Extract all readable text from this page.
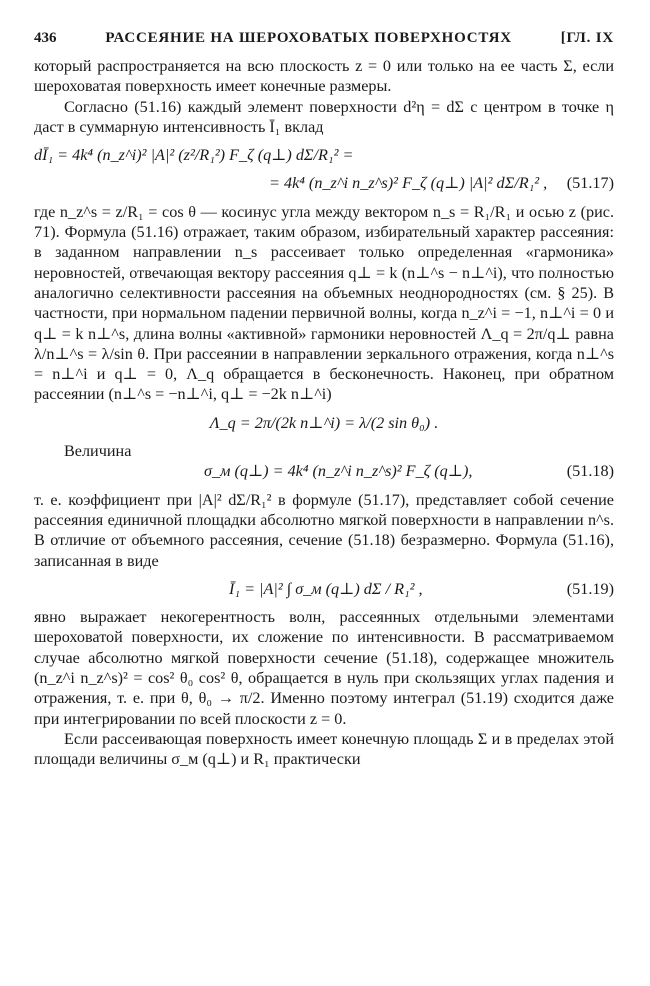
436	РАССЕЯНИЕ НА ШЕРОХОВАТЫХ ПОВЕРХНОСТЯХ	[ГЛ. IX

который распространяется на всю плоскость z = 0 или только на ее часть Σ, если шероховатая поверхность имеет конечные размеры.

Согласно (51.16) каждый элемент поверхности d²η = dΣ с центром в точке η даст в суммарную интенсивность Ī₁ вклад

dĪ₁ = 4k⁴ (n_z^i)² |A|² (z²/R₁²) F_ζ (q⊥) dΣ/R₁² =
= 4k⁴ (n_z^i n_z^s)² F_ζ (q⊥) |A|² dΣ/R₁² , (51.17)

где n_z^s = z/R₁ = cos θ — косинус угла между вектором n_s = R₁/R₁ и осью z (рис. 71). Формула (51.16) отражает, таким образом, избирательный характер рассеяния: в заданном направлении n_s рассеивает только определенная «гармоника» неровностей, отвечающая вектору рассеяния q⊥ = k (n⊥^s − n⊥^i), что полностью аналогично селективности рассеяния на объемных неоднородностях (см. § 25). В частности, при нормальном падении первичной волны, когда n_z^i = −1, n⊥^i = 0 и q⊥ = k n⊥^s, длина волны «активной» гармоники неровностей Λ_q = 2π/q⊥ равна λ/n⊥^s = λ/sin θ. При рассеянии в направлении зеркального отражения, когда n⊥^s = n⊥^i и q⊥ = 0, Λ_q обращается в бесконечность. Наконец, при обратном рассеянии (n⊥^s = −n⊥^i, q⊥ = −2k n⊥^i)

Λ_q = 2π/(2k n⊥^i) = λ/(2 sin θ₀) .

Величина

σ_м (q⊥) = 4k⁴ (n_z^i n_z^s)² F_ζ (q⊥),	(51.18)

т. е. коэффициент при |A|² dΣ/R₁² в формуле (51.17), представляет собой сечение рассеяния единичной площадки абсолютно мягкой поверхности в направлении n^s. В отличие от объемного рассеяния, сечение (51.18) безразмерно. Формула (51.16), записанная в виде

Ī₁ = |A|² ∫ σ_м (q⊥) dΣ / R₁² ,	(51.19)

явно выражает некогерентность волн, рассеянных отдельными элементами шероховатой поверхности, их сложение по интенсивности. В рассматриваемом случае абсолютно мягкой поверхности сечение (51.18), содержащее множитель (n_z^i n_z^s)² = cos² θ₀ cos² θ, обращается в нуль при скользящих углах падения и отражения, т. е. при θ, θ₀ → π/2. Именно поэтому интеграл (51.19) сходится даже при интегрировании по всей плоскости z = 0.

Если рассеивающая поверхность имеет конечную площадь Σ и в пределах этой площади величины σ_м (q⊥) и R₁ практически
